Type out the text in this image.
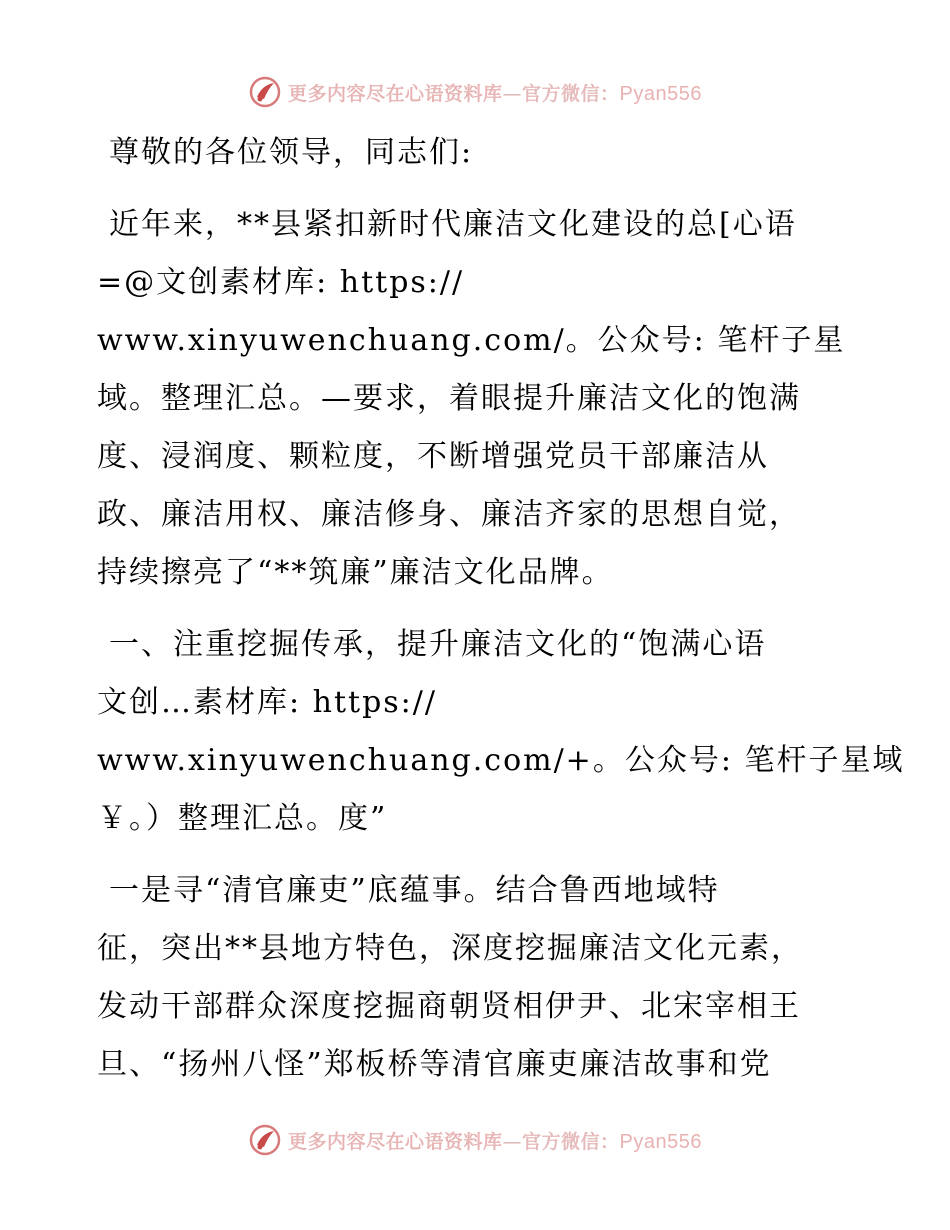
更多内容尽在心语资料库—官方微信：Pyan556
尊敬的各位领导，同志们:
近年来，**县紧扣新时代廉洁文化建设的总[心语
=@文创素材库: https://
www.xinyuwenchuang.com/。公众号: 笔杆子星
域。整理汇总。—要求，着眼提升廉洁文化的饱满
度、浸润度、颗粒度，不断增强党员干部廉洁从
政、廉洁用权、廉洁修身、廉洁齐家的思想自觉，
持续擦亮了“**筑廉”廉洁文化品牌。
一、注重挖掘传承，提升廉洁文化的“饱满心语
文创…素材库: https://
www.xinyuwenchuang.com/+。公众号: 笔杆子星域
￥。）整理汇总。度”
一是寻“清官廉吏”底蕴事。结合鲁西地域特
征，突出**县地方特色，深度挖掘廉洁文化元素，
发动干部群众深度挖掘商朝贤相伊尹、北宋宰相王
旦、“扬州八怪”郑板桥等清官廉吏廉洁故事和党
更多内容尽在心语资料库—官方微信：Pyan556
